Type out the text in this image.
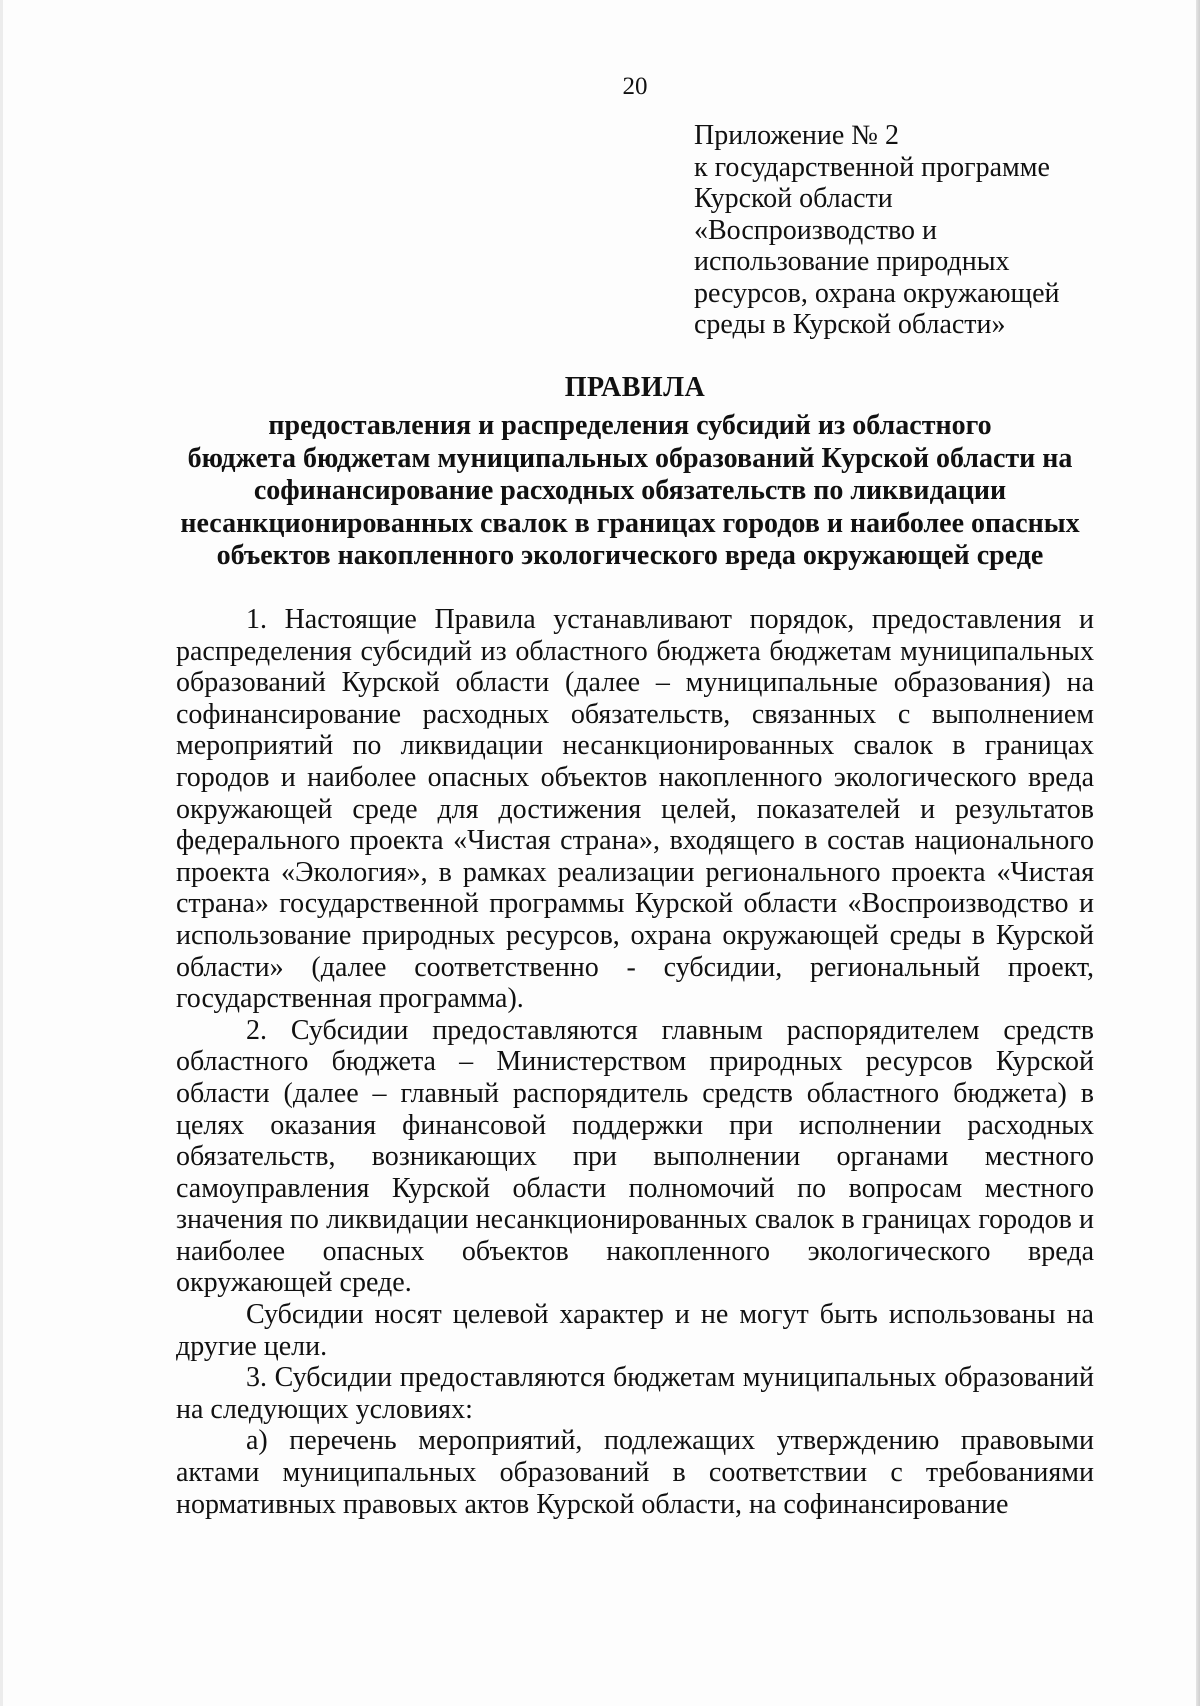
20
Приложение № 2
к государственной программе
Курской области
«Воспроизводство и
использование природных
ресурсов, охрана окружающей
среды в Курской области»
ПРАВИЛА
предоставления и распределения субсидий из областного
бюджета бюджетам муниципальных образований Курской области на
софинансирование расходных обязательств по ликвидации
несанкционированных свалок в границах городов и наиболее опасных
объектов накопленного экологического вреда окружающей среде

1. Настоящие Правила устанавливают порядок, предоставления и распределения субсидий из областного бюджета бюджетам муниципальных образований Курской области (далее – муниципальные образования) на софинансирование расходных обязательств, связанных с выполнением мероприятий по ликвидации несанкционированных свалок в границах городов и наиболее опасных объектов накопленного экологического вреда окружающей среде для достижения целей, показателей и результатов федерального проекта «Чистая страна», входящего в состав национального проекта «Экология», в рамках реализации регионального проекта «Чистая страна» государственной программы Курской области «Воспроизводство и использование природных ресурсов, охрана окружающей среды в Курской области» (далее соответственно - субсидии, региональный проект, государственная программа).

2. Субсидии предоставляются главным распорядителем средств областного бюджета – Министерством природных ресурсов Курской области (далее – главный распорядитель средств областного бюджета) в целях оказания финансовой поддержки при исполнении расходных обязательств, возникающих при выполнении органами местного самоуправления Курской области полномочий по вопросам местного значения по ликвидации несанкционированных свалок в границах городов и наиболее опасных объектов накопленного экологического вреда окружающей среде.

Субсидии носят целевой характер и не могут быть использованы на другие цели.

3. Субсидии предоставляются бюджетам муниципальных образований на следующих условиях:

а) перечень мероприятий, подлежащих утверждению правовыми актами муниципальных образований в соответствии с требованиями нормативных правовых актов Курской области, на софинансирование
